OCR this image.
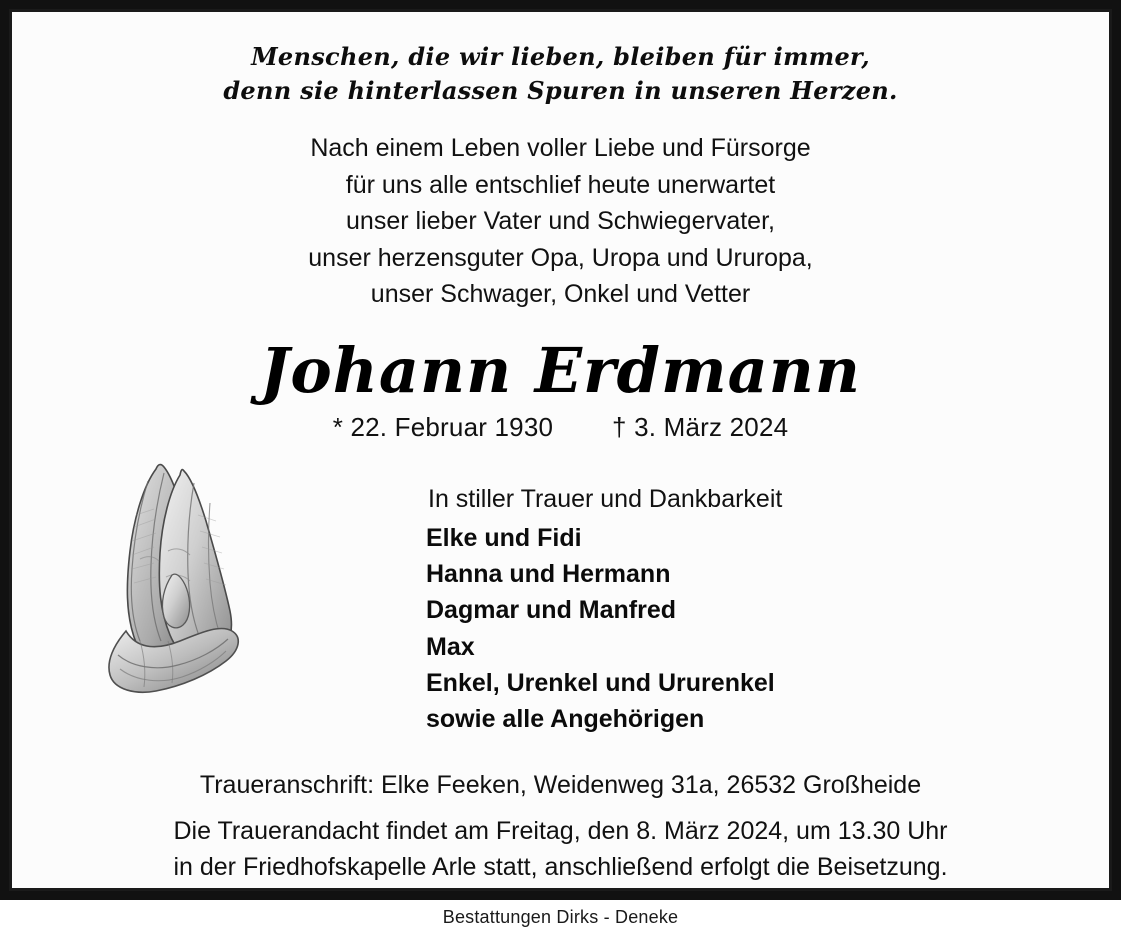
Menschen, die wir lieben, bleiben für immer,
denn sie hinterlassen Spuren in unseren Herzen.
Nach einem Leben voller Liebe und Fürsorge
für uns alle entschlief heute unerwartet
unser lieber Vater und Schwiegervater,
unser herzensguter Opa, Uropa und Ururopa,
unser Schwager, Onkel und Vetter
Johann Erdmann
* 22. Februar 1930 † 3. März 2024
In stiller Trauer und Dankbarkeit
Elke und Fidi
Hanna und Hermann
Dagmar und Manfred
Max
Enkel, Urenkel und Ururenkel
sowie alle Angehörigen
Traueranschrift: Elke Feeken, Weidenweg 31a, 26532 Großheide
Die Trauerandacht findet am Freitag, den 8. März 2024, um 13.30 Uhr
in der Friedhofskapelle Arle statt, anschließend erfolgt die Beisetzung.
Bestattungen Dirks - Deneke
